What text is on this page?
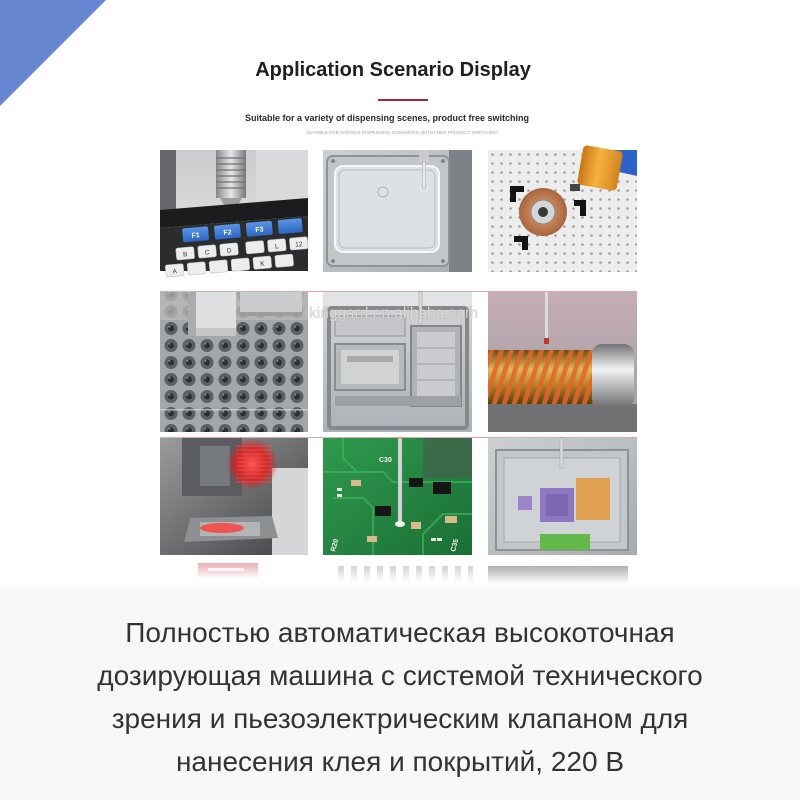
Application Scenario Display
Suitable for a variety of dispensing scenes, product free switching
SUITABLE FOR VARIOUS DISPENSING SCENARIOS, WITH FREE PRODUCT SWITCHING
F1	F2	F3
A
B	C	D
K
L 12
C30
R20	C35
kinggard.en.alibaba.com
Полностью автоматическая высокоточная
дозирующая машина с системой технического
зрения и пьезоэлектрическим клапаном для
нанесения клея и покрытий, 220 В
